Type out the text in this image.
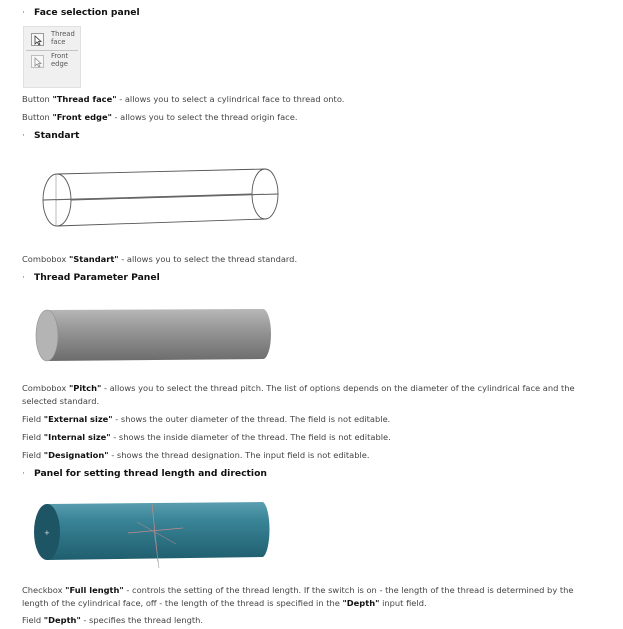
· Face selection panel
Thread face
Front edge
Button "Thread face" - allows you to select a cylindrical face to thread onto.
Button "Front edge" - allows you to select the thread origin face.
· Standart
Combobox "Standart" - allows you to select the thread standard.
· Thread Parameter Panel
Combobox "Pitch" - allows you to select the thread pitch. The list of options depends on the diameter of the cylindrical face and the selected standard.
Field "External size" - shows the outer diameter of the thread. The field is not editable.
Field "Internal size" - shows the inside diameter of the thread. The field is not editable.
Field "Designation" - shows the thread designation. The input field is not editable.
· Panel for setting thread length and direction
+
Checkbox "Full length" - controls the setting of the thread length. If the switch is on - the length of the thread is determined by the length of the cylindrical face, off - the length of the thread is specified in the "Depth" input field.
Field "Depth" - specifies the thread length.
